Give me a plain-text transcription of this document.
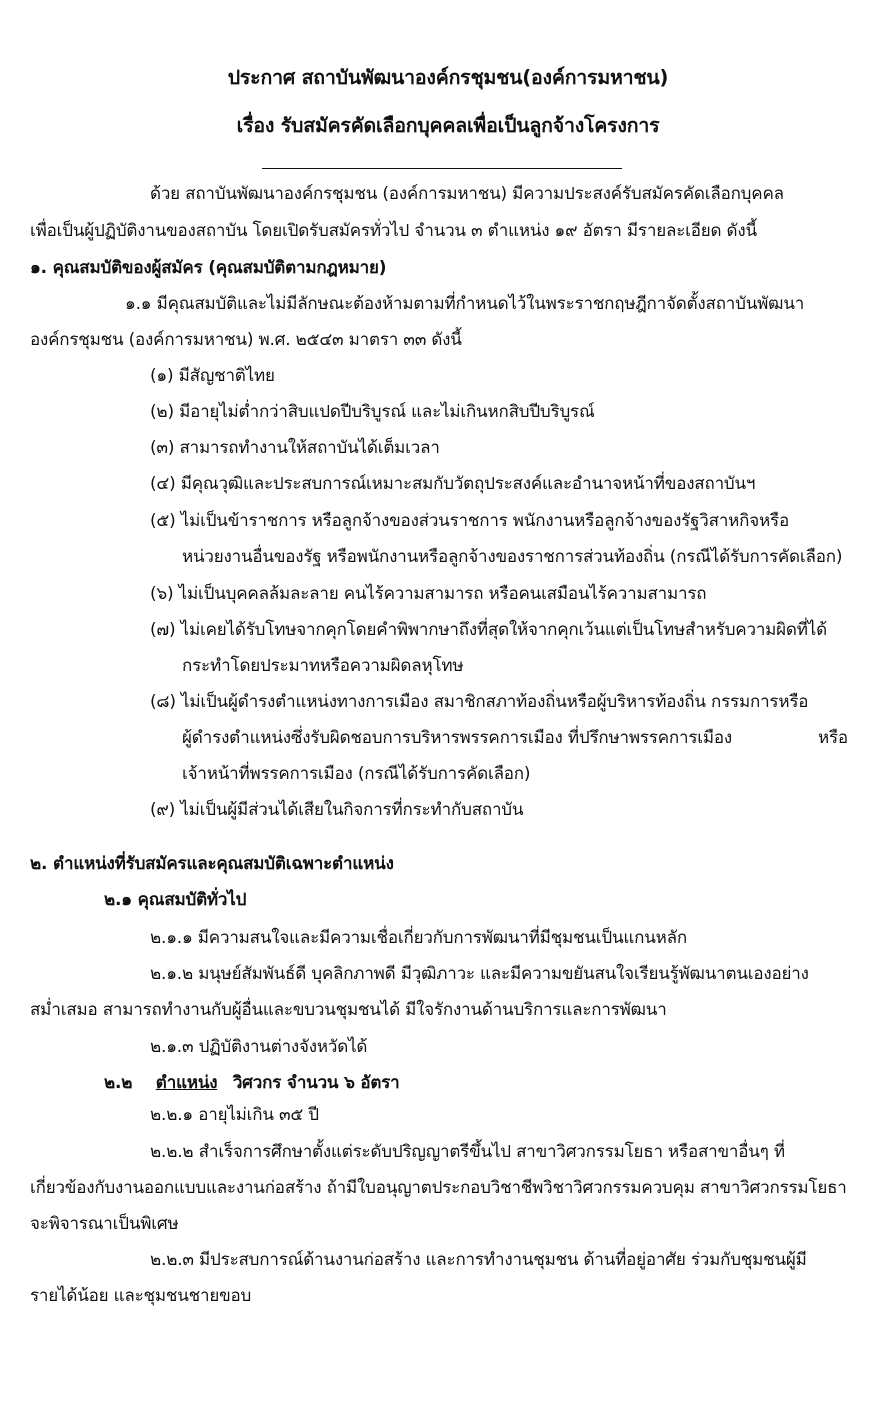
ประกาศ สถาบันพัฒนาองค์กรชุมชน(องค์การมหาชน)
เรื่อง รับสมัครคัดเลือกบุคคลเพื่อเป็นลูกจ้างโครงการ
ด้วย สถาบันพัฒนาองค์กรชุมชน (องค์การมหาชน) มีความประสงค์รับสมัครคัดเลือกบุคคล
เพื่อเป็นผู้ปฏิบัติงานของสถาบัน โดยเปิดรับสมัครทั่วไป จำนวน ๓ ตำแหน่ง ๑๙ อัตรา มีรายละเอียด ดังนี้
๑. คุณสมบัติของผู้สมัคร (คุณสมบัติตามกฎหมาย)
๑.๑ มีคุณสมบัติและไม่มีลักษณะต้องห้ามตามที่กำหนดไว้ในพระราชกฤษฎีกาจัดตั้งสถาบันพัฒนา
องค์กรชุมชน (องค์การมหาชน) พ.ศ. ๒๕๔๓ มาตรา ๓๓ ดังนี้
(๑) มีสัญชาติไทย
(๒) มีอายุไม่ต่ำกว่าสิบแปดปีบริบูรณ์ และไม่เกินหกสิบปีบริบูรณ์
(๓) สามารถทำงานให้สถาบันได้เต็มเวลา
(๔) มีคุณวุฒิและประสบการณ์เหมาะสมกับวัตถุประสงค์และอำนาจหน้าที่ของสถาบันฯ
(๕) ไม่เป็นข้าราชการ หรือลูกจ้างของส่วนราชการ พนักงานหรือลูกจ้างของรัฐวิสาหกิจหรือ
หน่วยงานอื่นของรัฐ หรือพนักงานหรือลูกจ้างของราชการส่วนท้องถิ่น (กรณีได้รับการคัดเลือก)
(๖) ไม่เป็นบุคคลล้มละลาย คนไร้ความสามารถ หรือคนเสมือนไร้ความสามารถ
(๗) ไม่เคยได้รับโทษจากคุกโดยคำพิพากษาถึงที่สุดให้จากคุกเว้นแต่เป็นโทษสำหรับความผิดที่ได้
กระทำโดยประมาทหรือความผิดลหุโทษ
(๘) ไม่เป็นผู้ดำรงตำแหน่งทางการเมือง สมาชิกสภาท้องถิ่นหรือผู้บริหารท้องถิ่น กรรมการหรือ
ผู้ดำรงตำแหน่งซึ่งรับผิดชอบการบริหารพรรคการเมือง ที่ปรึกษาพรรคการเมือง	หรือ
เจ้าหน้าที่พรรคการเมือง (กรณีได้รับการคัดเลือก)
(๙) ไม่เป็นผู้มีส่วนได้เสียในกิจการที่กระทำกับสถาบัน
๒. ตำแหน่งที่รับสมัครและคุณสมบัติเฉพาะตำแหน่ง
๒.๑ คุณสมบัติทั่วไป
๒.๑.๑ มีความสนใจและมีความเชื่อเกี่ยวกับการพัฒนาที่มีชุมชนเป็นแกนหลัก
๒.๑.๒ มนุษย์สัมพันธ์ดี บุคลิกภาพดี มีวุฒิภาวะ และมีความขยันสนใจเรียนรู้พัฒนาตนเองอย่าง
สม่ำเสมอ สามารถทำงานกับผู้อื่นและขบวนชุมชนได้ มีใจรักงานด้านบริการและการพัฒนา
๒.๑.๓ ปฏิบัติงานต่างจังหวัดได้
๒.๒ ตำแหน่ง วิศวกร จำนวน ๖ อัตรา
๒.๒.๑ อายุไม่เกิน ๓๕ ปี
๒.๒.๒ สำเร็จการศึกษาตั้งแต่ระดับปริญญาตรีขึ้นไป สาขาวิศวกรรมโยธา หรือสาขาอื่นๆ ที่
เกี่ยวข้องกับงานออกแบบและงานก่อสร้าง ถ้ามีใบอนุญาตประกอบวิชาชีพวิชาวิศวกรรมควบคุม สาขาวิศวกรรมโยธา
จะพิจารณาเป็นพิเศษ
๒.๒.๓ มีประสบการณ์ด้านงานก่อสร้าง และการทำงานชุมชน ด้านที่อยู่อาศัย ร่วมกับชุมชนผู้มี
รายได้น้อย และชุมชนชายขอบ
